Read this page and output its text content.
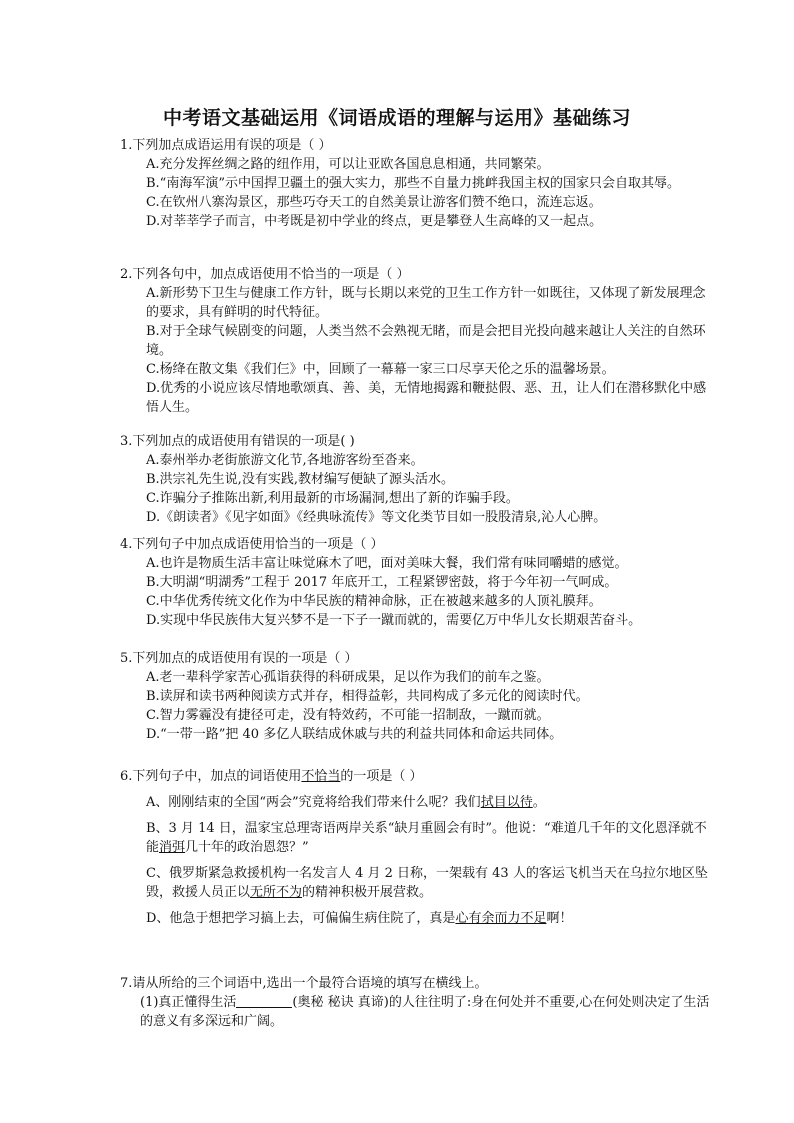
中考语文基础运用《词语成语的理解与运用》基础练习

1.下列加点成语运用有误的项是（ ）

A.充分发挥丝绸之路的纽作用，可以让亚欧各国息息相通，共同繁荣。

B.“南海军演”示中国捍卫疆土的强大实力，那些不自量力挑衅我国主权的国家只会自取其辱。

C.在钦州八寨沟景区，那些巧夺天工的自然美景让游客们赞不绝口，流连忘返。

D.对莘莘学子而言，中考既是初中学业的终点，更是攀登人生高峰的又一起点。

2.下列各句中，加点成语使用不恰当的一项是（ ）

A.新形势下卫生与健康工作方针，既与长期以来党的卫生工作方针一如既往，又体现了新发展理念的要求，具有鲜明的时代特征。

B.对于全球气候剧变的问题，人类当然不会熟视无睹，而是会把目光投向越来越让人关注的自然环境。

C.杨绛在散文集《我们仨》中，回顾了一幕幕一家三口尽享天伦之乐的温馨场景。

D.优秀的小说应该尽情地歌颂真、善、美，无情地揭露和鞭挞假、恶、丑，让人们在潜移默化中感悟人生。

3.下列加点的成语使用有错误的一项是( )

A.泰州举办老街旅游文化节,各地游客纷至沓来。

B.洪宗礼先生说,没有实践,教材编写便缺了源头活水。

C.诈骗分子推陈出新,利用最新的市场漏洞,想出了新的诈骗手段。

D.《朗读者》《见字如面》《经典咏流传》等文化类节目如一股股清泉,沁人心脾。

4.下列句子中加点成语使用恰当的一项是（ ）

A.也许是物质生活丰富让味觉麻木了吧，面对美味大餐，我们常有味同嚼蜡的感觉。

B.大明湖“明湖秀”工程于 2017 年底开工，工程紧锣密鼓，将于今年初一气呵成。

C.中华优秀传统文化作为中华民族的精神命脉，正在被越来越多的人顶礼膜拜。

D.实现中华民族伟大复兴梦不是一下子一蹴而就的，需要亿万中华儿女长期艰苦奋斗。

5.下列加点的成语使用有误的一项是（ ）

A.老一辈科学家苦心孤诣获得的科研成果，足以作为我们的前车之鉴。

B.读屏和读书两种阅读方式并存，相得益彰，共同构成了多元化的阅读时代。

C.智力雾霾没有捷径可走，没有特效药，不可能一招制敌，一蹴而就。

D.“一带一路”把 40 多亿人联结成休戚与共的利益共同体和命运共同体。

6.下列句子中，加点的词语使用不恰当的一项是（ ）

A、刚刚结束的全国“两会”究竟将给我们带来什么呢？我们拭目以待。

B、3 月 14 日，温家宝总理寄语两岸关系“缺月重圆会有时”。他说：“难道几千年的文化恩泽就不能消弭几十年的政治恩怨？”

C、俄罗斯紧急救援机构一名发言人 4 月 2 日称，一架载有 43 人的客运飞机当天在乌拉尔地区坠毁，救援人员正以无所不为的精神积极开展营救。

D、他急于想把学习搞上去，可偏偏生病住院了，真是心有余而力不足啊！

7.请从所给的三个词语中,选出一个最符合语境的填写在横线上。

(1)真正懂得生活	(奥秘 秘诀 真谛)的人往往明了:身在何处并不重要,心在何处则决定了生活的意义有多深远和广阔。
